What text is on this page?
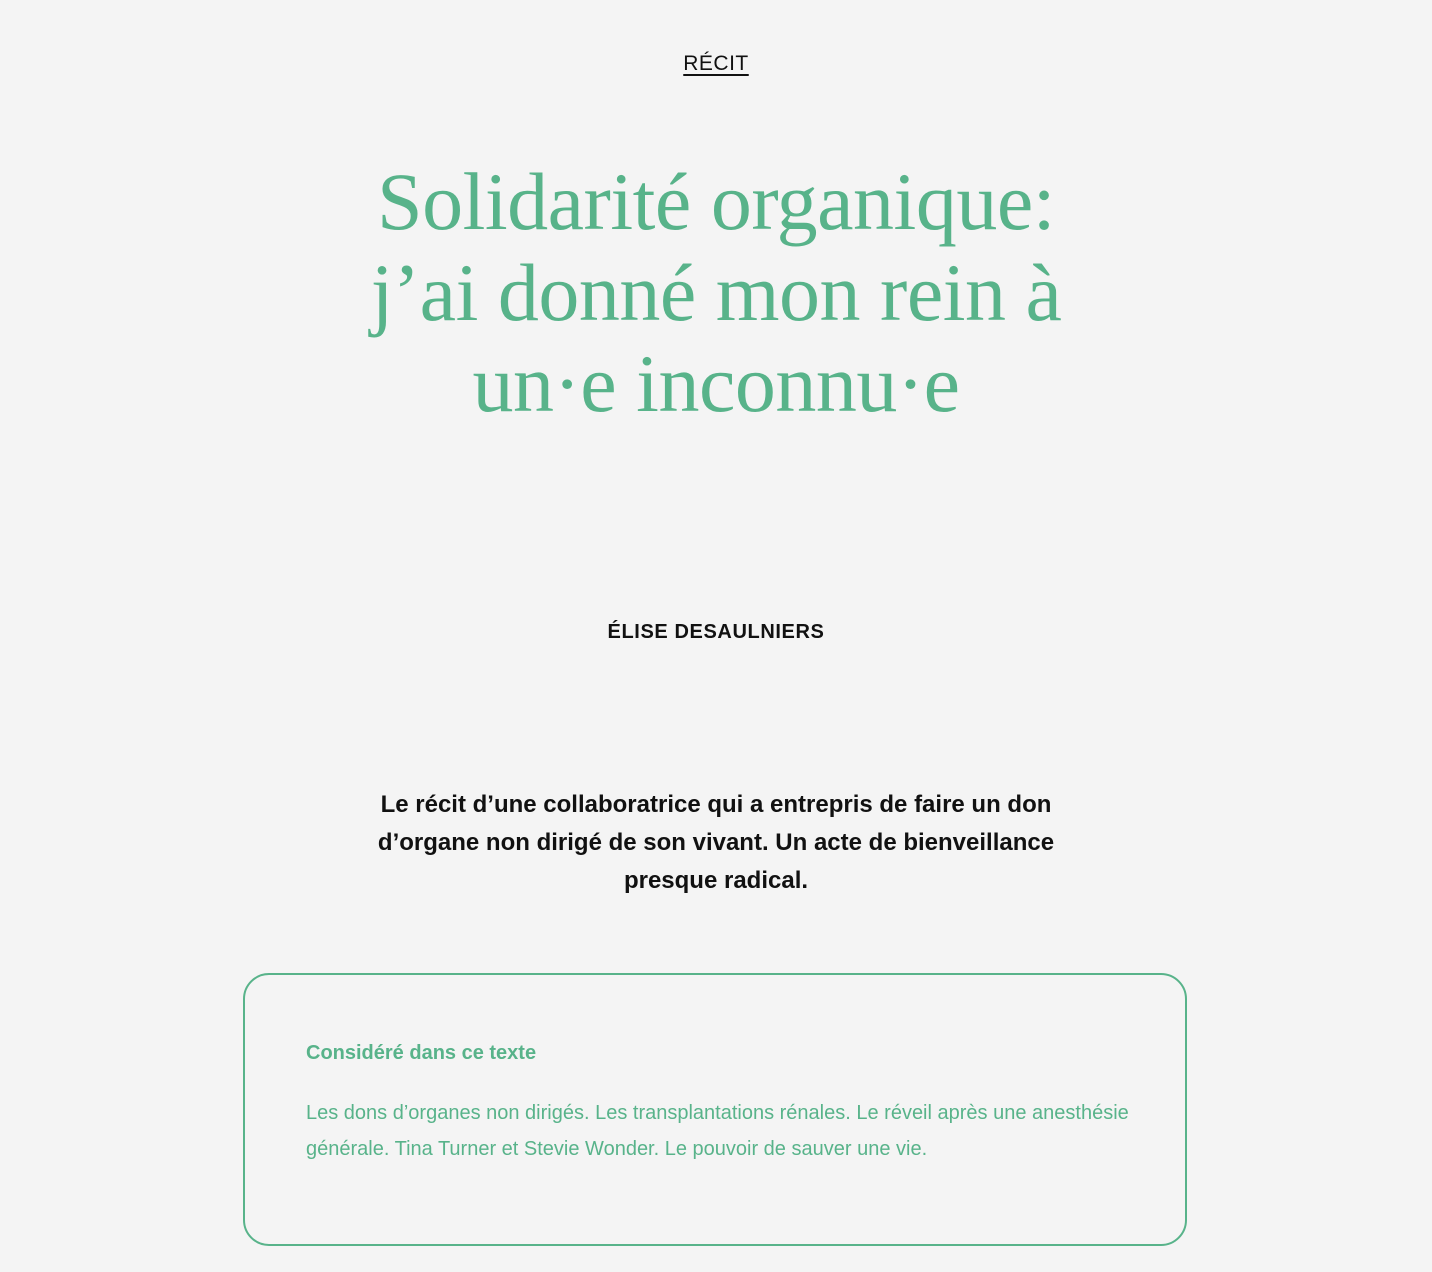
RÉCIT
Solidarité organique: j’ai donné mon rein à un·e inconnu·e
ÉLISE DESAULNIERS

Le récit d’une collaboratrice qui a entrepris de faire un don d’organe non dirigé de son vivant. Un acte de bienveillance presque radical.

Considéré dans ce texte

Les dons d’organes non dirigés. Les transplantations rénales. Le réveil après une anesthésie générale. Tina Turner et Stevie Wonder. Le pouvoir de sauver une vie.
